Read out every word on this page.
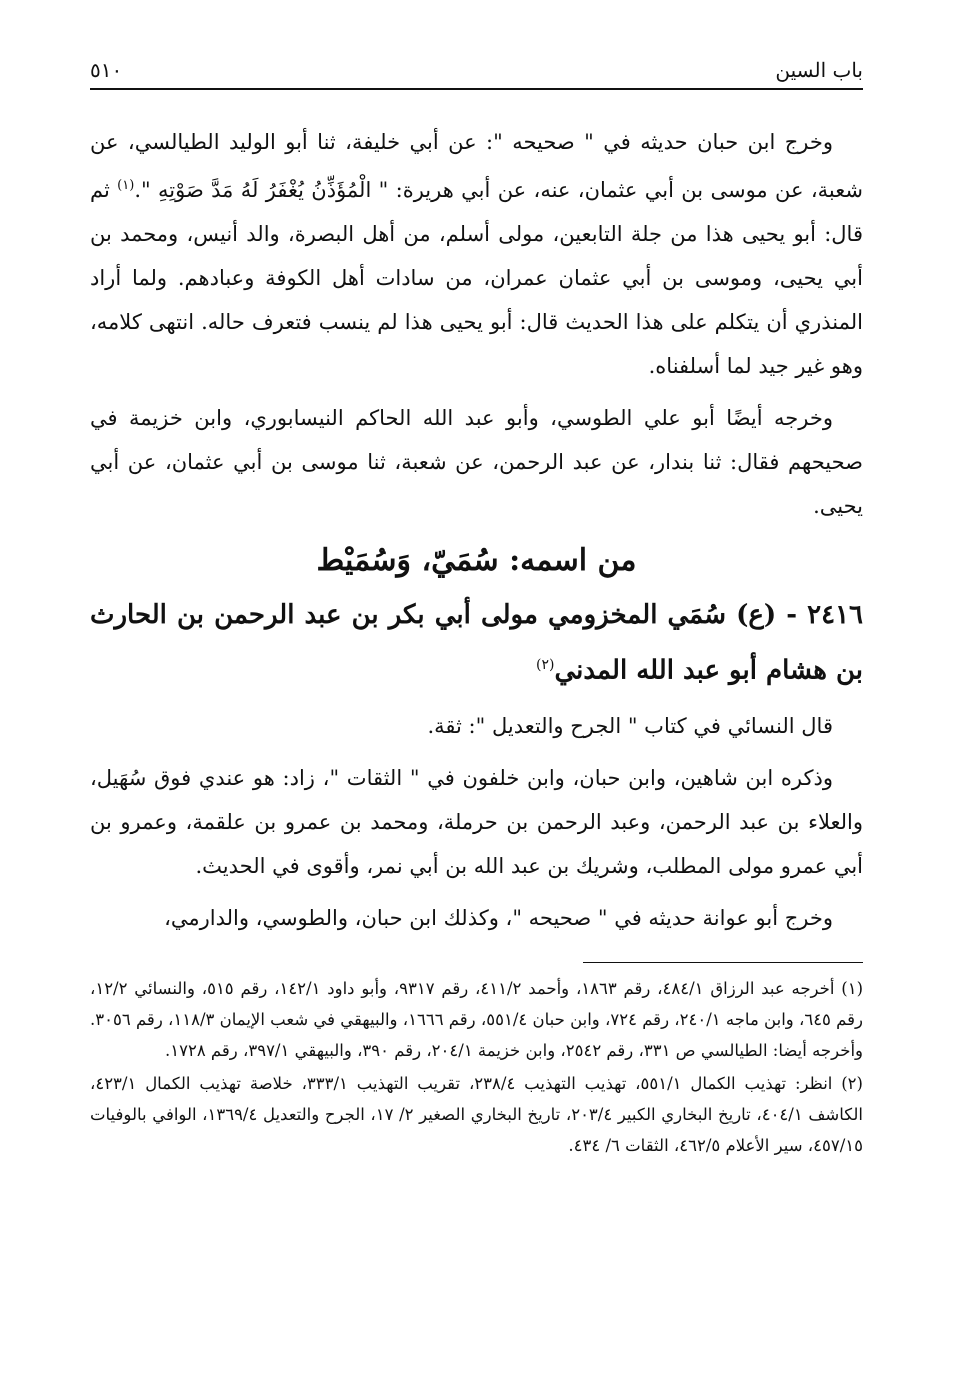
باب السين
٥١٠

وخرج ابن حبان حديثه في " صحيحه ": عن أبي خليفة، ثنا أبو الوليد الطيالسي، عن شعبة، عن موسى بن أبي عثمان، عنه، عن أبي هريرة: " الْمُؤَذِّنُ يُغْفَرُ لَهُ مَدَّ صَوْتِهِ ".$^{(١)}$ ثم قال: أبو يحيى هذا من جلة التابعين، مولى أسلم، من أهل البصرة، والد أنيس، ومحمد بن أبي يحيى، وموسى بن أبي عثمان عمران، من سادات أهل الكوفة وعبادهم. ولما أراد المنذري أن يتكلم على هذا الحديث قال: أبو يحيى هذا لم ينسب فتعرف حاله. انتهى كلامه، وهو غير جيد لما أسلفناه.

وخرجه أيضًا أبو علي الطوسي، وأبو عبد الله الحاكم النيسابوري، وابن خزيمة في صحيحهم فقال: ثنا بندار، عن عبد الرحمن، عن شعبة، ثنا موسى بن أبي عثمان، عن أبي يحيى.

من اسمه: سُمَيّ، وَسُمَيْط
٢٤١٦ - (ع) سُمَي المخزومي مولى أبي بكر بن عبد الرحمن بن الحارث بن هشام أبو عبد الله المدني$^{(٢)}$

قال النسائي في كتاب " الجرح والتعديل ": ثقة.

وذكره ابن شاهين، وابن حبان، وابن خلفون في " الثقات "، زاد: هو عندي فوق سُهَيل، والعلاء بن عبد الرحمن، وعبد الرحمن بن حرملة، ومحمد بن عمرو بن علقمة، وعمرو بن أبي عمرو مولى المطلب، وشريك بن عبد الله بن أبي نمر، وأقوى في الحديث.

وخرج أبو عوانة حديثه في " صحيحه "، وكذلك ابن حبان، والطوسي، والدارمي،

(١) أخرجه عبد الرزاق ٤٨٤/١، رقم ١٨٦٣، وأحمد ٤١١/٢، رقم ٩٣١٧، وأبو داود ١٤٢/١، رقم ٥١٥، والنسائي ١٢/٢، رقم ٦٤٥، وابن ماجه ٢٤٠/١، رقم ٧٢٤، وابن حبان ٥٥١/٤، رقم ١٦٦٦، والبيهقي في شعب الإيمان ١١٨/٣، رقم ٣٠٥٦. وأخرجه أيضا: الطيالسي ص ٣٣١، رقم ٢٥٤٢، وابن خزيمة ٢٠٤/١، رقم ٣٩٠، والبيهقي ٣٩٧/١، رقم ١٧٢٨.

(٢) انظر: تهذيب الكمال ٥٥١/١، تهذيب التهذيب ٢٣٨/٤، تقريب التهذيب ٣٣٣/١، خلاصة تهذيب الكمال ٤٢٣/١، الكاشف ٤٠٤/١، تاريخ البخاري الكبير ٢٠٣/٤، تاريخ البخاري الصغير ٢/ ١٧، الجرح والتعديل ١٣٦٩/٤، الوافي بالوفيات ٤٥٧/١٥، سير الأعلام ٤٦٢/٥، الثقات ٦/ ٤٣٤.
